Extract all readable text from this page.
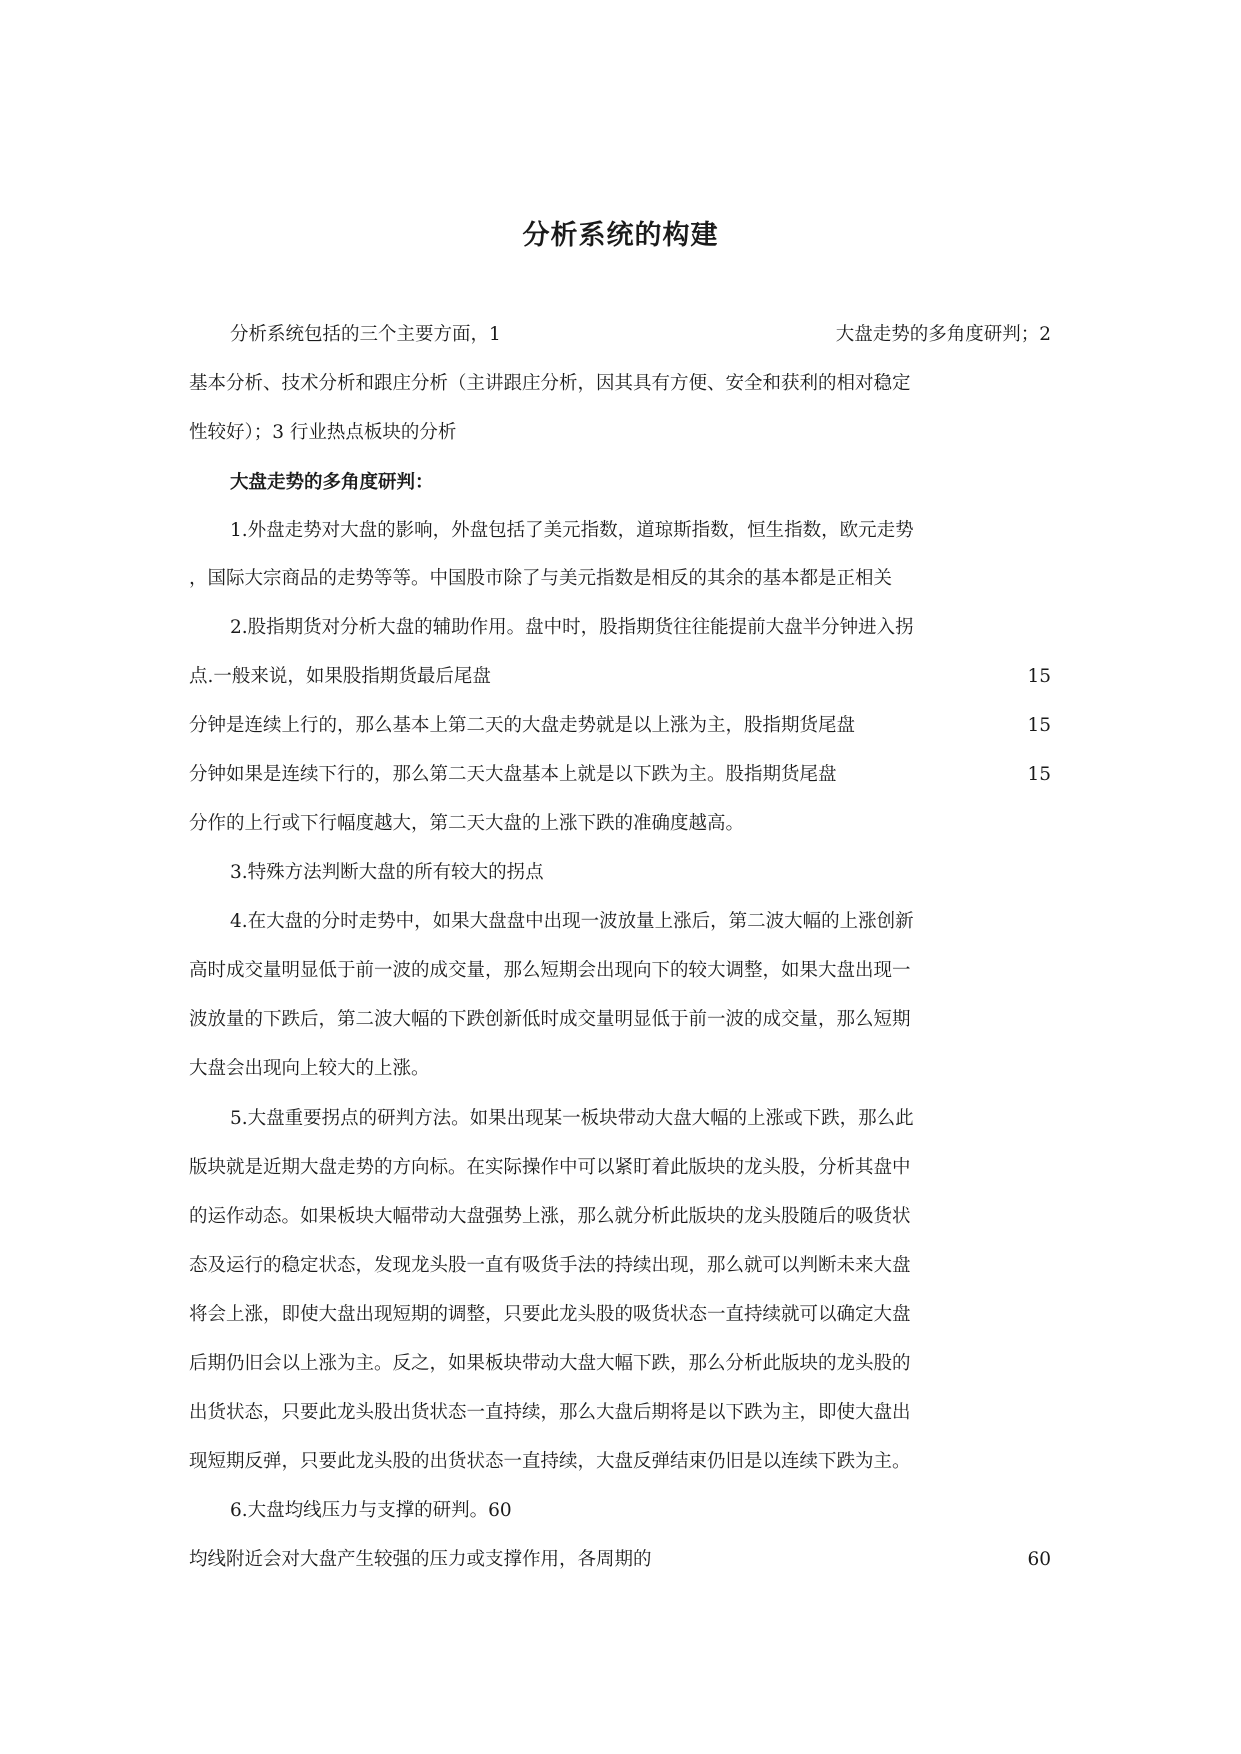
分析系统的构建
分析系统包括的三个主要方面，1	大盘走势的多角度研判；2
基本分析、技术分析和跟庄分析（主讲跟庄分析，因其具有方便、安全和获利的相对稳定
性较好）；3 行业热点板块的分析
大盘走势的多角度研判：
1.外盘走势对大盘的影响，外盘包括了美元指数，道琼斯指数，恒生指数，欧元走势
，国际大宗商品的走势等等。中国股市除了与美元指数是相反的其余的基本都是正相关
2.股指期货对分析大盘的辅助作用。盘中时，股指期货往往能提前大盘半分钟进入拐
点.一般来说，如果股指期货最后尾盘	15
分钟是连续上行的，那么基本上第二天的大盘走势就是以上涨为主，股指期货尾盘	15
分钟如果是连续下行的，那么第二天大盘基本上就是以下跌为主。股指期货尾盘	15
分作的上行或下行幅度越大，第二天大盘的上涨下跌的准确度越高。
3.特殊方法判断大盘的所有较大的拐点
4.在大盘的分时走势中，如果大盘盘中出现一波放量上涨后，第二波大幅的上涨创新
高时成交量明显低于前一波的成交量，那么短期会出现向下的较大调整，如果大盘出现一
波放量的下跌后，第二波大幅的下跌创新低时成交量明显低于前一波的成交量，那么短期
大盘会出现向上较大的上涨。
5.大盘重要拐点的研判方法。如果出现某一板块带动大盘大幅的上涨或下跌，那么此
版块就是近期大盘走势的方向标。在实际操作中可以紧盯着此版块的龙头股，分析其盘中
的运作动态。如果板块大幅带动大盘强势上涨，那么就分析此版块的龙头股随后的吸货状
态及运行的稳定状态，发现龙头股一直有吸货手法的持续出现，那么就可以判断未来大盘
将会上涨，即使大盘出现短期的调整，只要此龙头股的吸货状态一直持续就可以确定大盘
后期仍旧会以上涨为主。反之，如果板块带动大盘大幅下跌，那么分析此版块的龙头股的
出货状态，只要此龙头股出货状态一直持续，那么大盘后期将是以下跌为主，即使大盘出
现短期反弹，只要此龙头股的出货状态一直持续，大盘反弹结束仍旧是以连续下跌为主。
6.大盘均线压力与支撑的研判。60
均线附近会对大盘产生较强的压力或支撑作用，各周期的	60
